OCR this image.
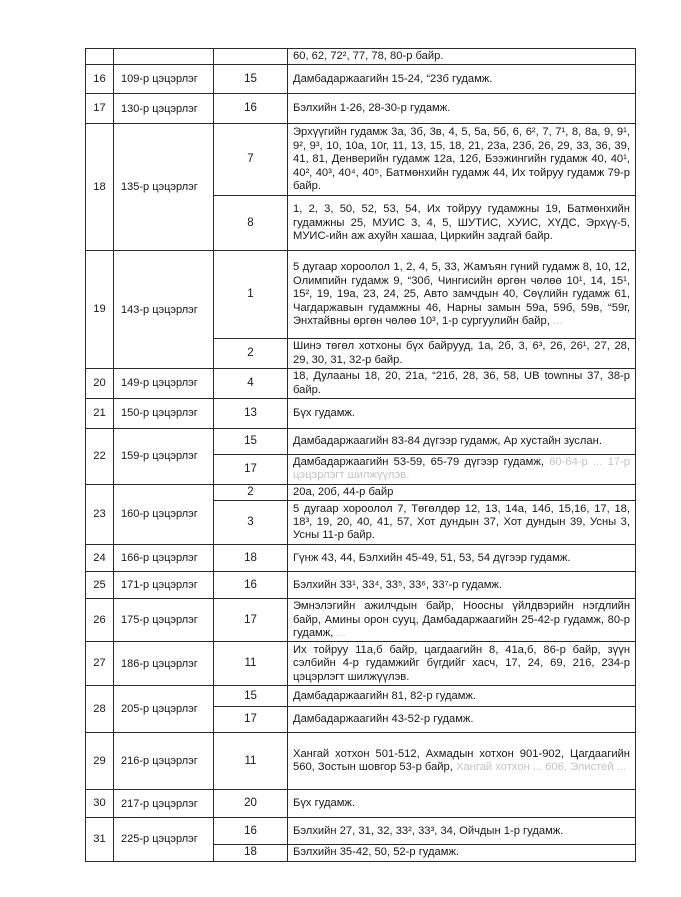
			60, 62, 72², 77, 78, 80-р байр.
16	109-р цэцэрлэг	15	Дамбадаржаагийн 15-24, “23б гудамж.
17	130-р цэцэрлэг	16	Бэлхийн 1-26, 28-30-р гудамж.
18	135-р цэцэрлэг	7	Эрхүүгийн гудамж 3а, 3б, 3в, 4, 5, 5а, 5б, 6, 6², 7, 7¹, 8, 8а, 9, 9¹, 9², 9³, 10, 10а, 10г, 11, 13, 15, 18, 21, 23а, 23б, 26, 29, 33, 36, 39, 41, 81, Денверийн гудамж 12а, 12б, Бээжингийн гудамж 40, 40¹, 40², 40³, 40⁴, 40⁵, Батмөнхийн гудамж 44, Их тойруу гудамж 79-р байр.
		8	1, 2, 3, 50, 52, 53, 54, Их тойруу гудамжны 19, Батмөнхийн гудамжны 25, МУИС 3, 4, 5, ШУТИС, ХУИС, ХҮДС, Эрхүү-5, МУИС-ийн аж ахуйн хашаа, Циркийн задгай байр.
19	143-р цэцэрлэг	1	5 дугаар хороолол 1, 2, 4, 5, 33, Жамъян гүний гудамж 8, 10, 12, Олимпийн гудамж 9, “30б, Чингисийн өргөн чөлөө 10¹, 14, 15¹, 15², 19, 19а, 23, 24, 25, Авто замчдын 40, Сөүлийн гудамж 61, Чагдаржавын гудамжны 46, Нарны замын 59а, 59б, 59в, “59г, Энхтайвны өргөн чөлөө 10³, 1-р сургуулийн байр, ...
		2	Шинэ төгөл хотхоны бүх байрууд, 1а, 2б, 3, 6³, 26, 26¹, 27, 28, 29, 30, 31, 32-р байр.
20	149-р цэцэрлэг	4	18, Дулааны 18, 20, 21а, “21б, 28, 36, 58, UB townны 37, 38-р байр.
21	150-р цэцэрлэг	13	Бүх гудамж.
22	159-р цэцэрлэг	15	Дамбадаржаагийн 83-84 дүгээр гудамж, Ар хустайн зуслан.
		17	Дамбадаржаагийн 53-59, 65-79 дүгээр гудамж, 60-64-р ... 17-р цэцэрлэгт шилжүүлэв.
23	160-р цэцэрлэг	2	20а, 20б, 44-р байр
		3	5 дугаар хороолол 7, Төгөлдөр 12, 13, 14а, 14б, 15,16, 17, 18, 18³, 19, 20, 40, 41, 57, Хот дундын 37, Хот дундын 39, Усны 3, Усны 11-р байр.
24	166-р цэцэрлэг	18	Гүнж 43, 44, Бэлхийн 45-49, 51, 53, 54 дүгээр гудамж.
25	171-р цэцэрлэг	16	Бэлхийн 33¹, 33⁴, 33⁵, 33⁶, 33⁷-р гудамж.
26	175-р цэцэрлэг	17	Эмнэлэгийн ажилчдын байр, Ноосны үйлдвэрийн нэгдлийн байр, Амины орон сууц, Дамбадаржаагийн 25-42-р гудамж, 80-р гудамж, ...
27	186-р цэцэрлэг	11	Их тойруу 11а,б байр, цагдаагийн 8, 41а,б, 86-р байр, зүүн сэлбийн 4-р гудамжийг бүгдийг хасч, 17, 24, 69, 216, 234-р цэцэрлэгт шилжүүлэв.
28	205-р цэцэрлэг	15	Дамбадаржаагийн 81, 82-р гудамж.
		17	Дамбадаржаагийн 43-52-р гудамж.
29	216-р цэцэрлэг	11	Хангай хотхон 501-512, Ахмадын хотхон 901-902, Цагдаагийн 560, Зостын шовгор 53-р байр, Хангай хотхон ... 606, Элистей ...
30	217-р цэцэрлэг	20	Бүх гудамж.
31	225-р цэцэрлэг	16	Бэлхийн 27, 31, 32, 33², 33³, 34, Ойчдын 1-р гудамж.
		18	Бэлхийн 35-42, 50, 52-р гудамж.
